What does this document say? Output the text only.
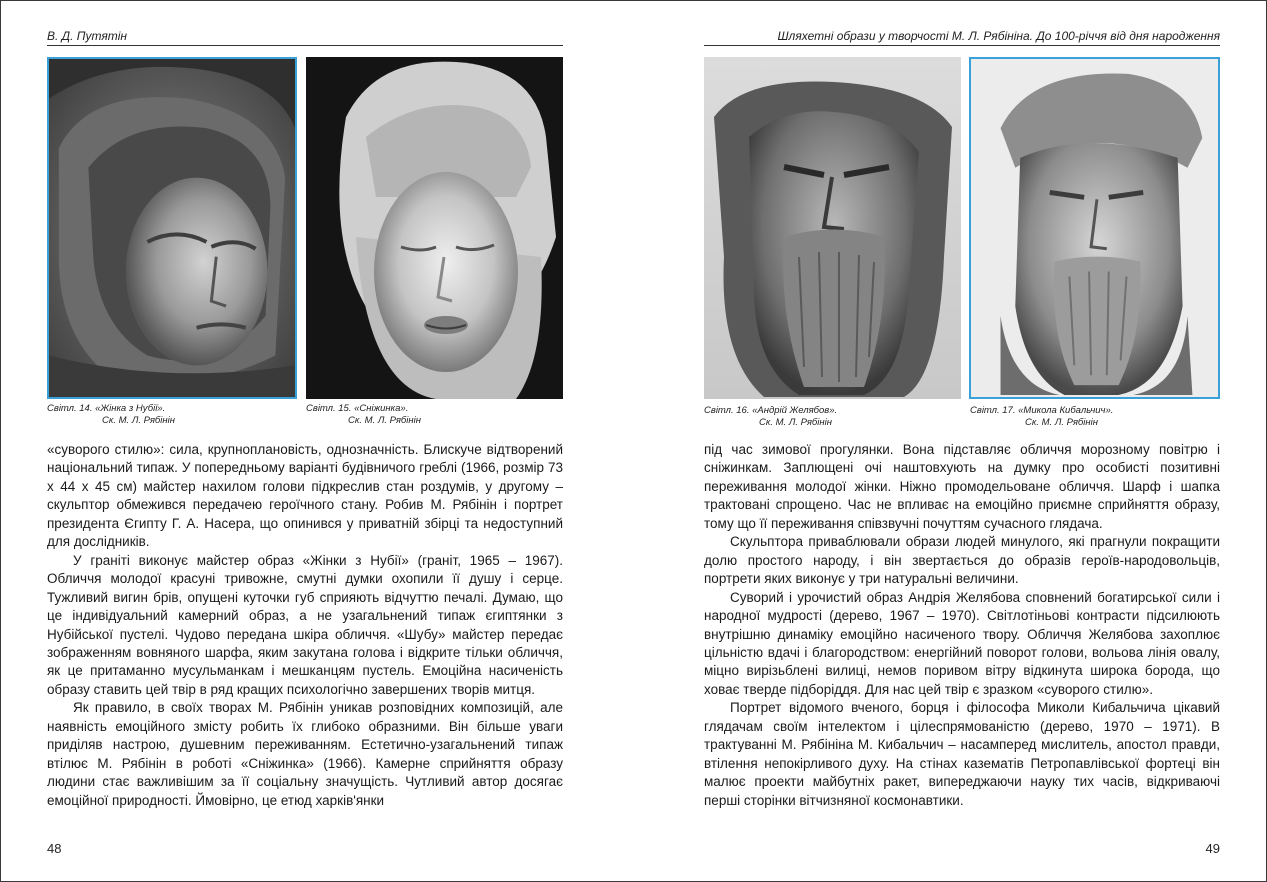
В. Д. Путятін
Світл. 14. «Жінка з Нубії».
Ск. М. Л. Рябінін
Світл. 15. «Сніжинка».
Ск. М. Л. Рябінін

«суворого стилю»: сила, крупноплановість, однозначність. Блискуче відтворений національний типаж. У попередньому варіанті будівничого греблі (1966, розмір 73 х 44 х 45 см) майстер нахилом голови підкреслив стан роздумів, у другому – скульптор обмежився передачею героїчного стану. Робив М. Рябінін і портрет президента Єгипту Г. А. Насера, що опинився у приватній збірці та недоступний для дослідників.

У граніті виконує майстер образ «Жінки з Нубії» (граніт, 1965 – 1967). Обличчя молодої красуні тривожне, смутні думки охопили її душу і серце. Тужливий вигин брів, опущені куточки губ сприяють відчуттю печалі. Думаю, що це індивідуальний камерний образ, а не узагальнений типаж єгиптянки з Нубійської пустелі. Чудово передана шкіра обличчя. «Шубу» майстер передає зображенням вовняного шарфа, яким закутана голова і відкрите тільки обличчя, як це притаманно мусульманкам і мешканцям пустель. Емоційна насиченість образу ставить цей твір в ряд кращих психологічно завершених творів митця.

Як правило, в своїх творах М. Рябінін уникав розповідних композицій, але наявність емоційного змісту робить їх глибоко образними. Він більше уваги приділяв настрою, душевним переживанням. Естетично-узагальнений типаж втілює М. Рябінін в роботі «Сніжинка» (1966). Камерне сприйняття образу людини стає важливішим за її соціальну значущість. Чутливий автор досягає емоційної природності. Ймовірно, це етюд харків'янки

48
Шляхетні образи у творчості М. Л. Рябініна. До 100-річчя від дня народження
Світл. 16. «Андрій Желябов».
Ск. М. Л. Рябінін
Світл. 17. «Микола Кибальчич».
Ск. М. Л. Рябінін

під час зимової прогулянки. Вона підставляє обличчя морозному повітрю і сніжинкам. Заплющені очі наштовхують на думку про особисті позитивні переживання молодої жінки. Ніжно промодельоване обличчя. Шарф і шапка трактовані спрощено. Час не впливає на емоційно приємне сприйняття образу, тому що її переживання співзвучні почуттям сучасного глядача.

Скульптора приваблювали образи людей минулого, які прагнули покращити долю простого народу, і він звертається до образів героїв-народовольців, портрети яких виконує у три натуральні величини.

Суворий і урочистий образ Андрія Желябова сповнений богатирської сили і народної мудрості (дерево, 1967 – 1970). Світлотіньові контрасти підсилюють внутрішню динаміку емоційно насиченого твору. Обличчя Желябова захоплює цільністю вдачі і благородством: енергійний поворот голови, вольова лінія овалу, міцно вирізьблені вилиці, немов поривом вітру відкинута широка борода, що ховає тверде підборіддя. Для нас цей твір є зразком «суворого стилю».

Портрет відомого вченого, борця і філософа Миколи Кибальчича цікавий глядачам своїм інтелектом і цілеспрямованістю (дерево, 1970 – 1971). В трактуванні М. Рябініна М. Кибальчич – насамперед мислитель, апостол правди, втілення непокірливого духу. На стінах казематів Петропавлівської фортеці він малює проекти майбутніх ракет, випереджаючи науку тих часів, відкриваючі перші сторінки вітчизняної космонавтики.

49
